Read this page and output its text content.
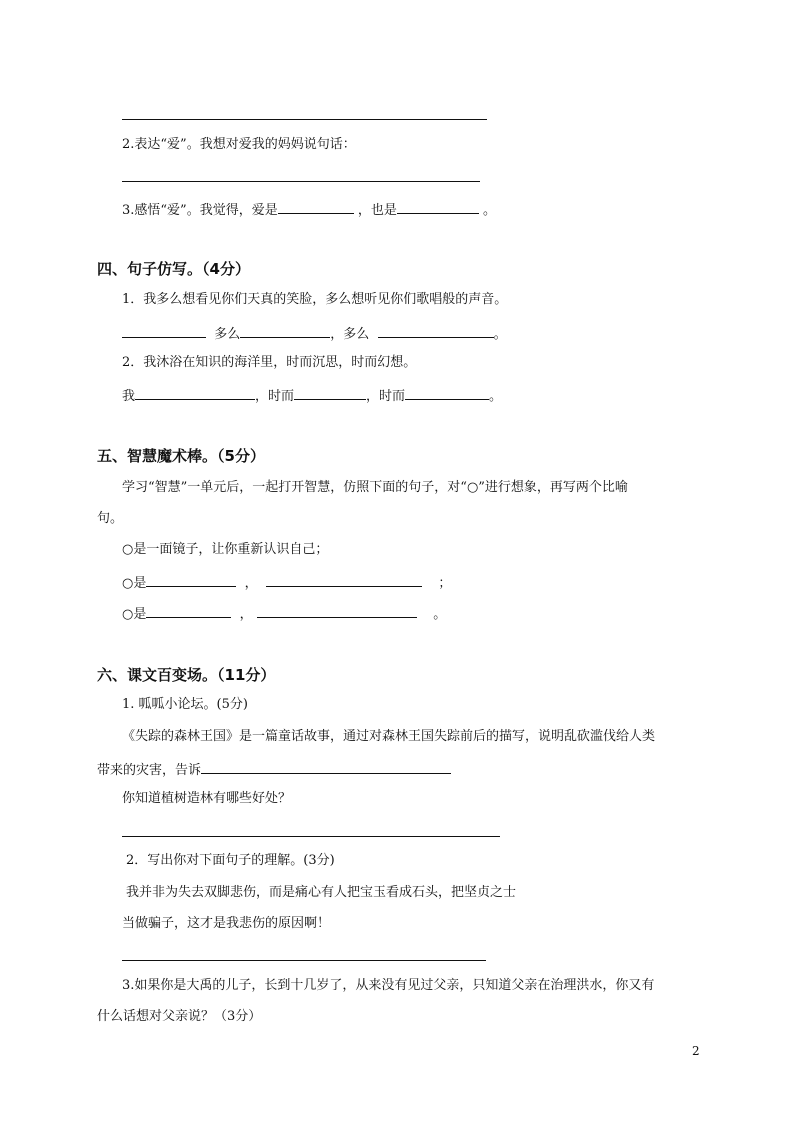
2.表达“爱”。我想对爱我的妈妈说句话：
3.感悟“爱”。我觉得，爱是	，也是	。
四、句子仿写。（4分）
1．我多么想看见你们天真的笑脸，多么想听见你们歌唱般的声音。
多么	，多么	。
2．我沐浴在知识的海洋里，时而沉思，时而幻想。
我	，时而	，时而	。
五、智慧魔术棒。（5分）
学习“智慧”一单元后，一起打开智慧，仿照下面的句子，对“○”进行想象，再写两个比喻
句。
○是一面镜子，让你重新认识自己；
○是	，	；
○是	，	。
六、课文百变场。（11分）
1. 呱呱小论坛。(5分)
《失踪的森林王国》是一篇童话故事，通过对森林王国失踪前后的描写，说明乱砍滥伐给人类
带来的灾害，告诉
你知道植树造林有哪些好处？
2．写出你对下面句子的理解。(3分)
我并非为失去双脚悲伤，而是痛心有人把宝玉看成石头，把坚贞之士
当做骗子，这才是我悲伤的原因啊！
3.如果你是大禹的儿子，长到十几岁了，从来没有见过父亲，只知道父亲在治理洪水，你又有
什么话想对父亲说？（3分）
2
